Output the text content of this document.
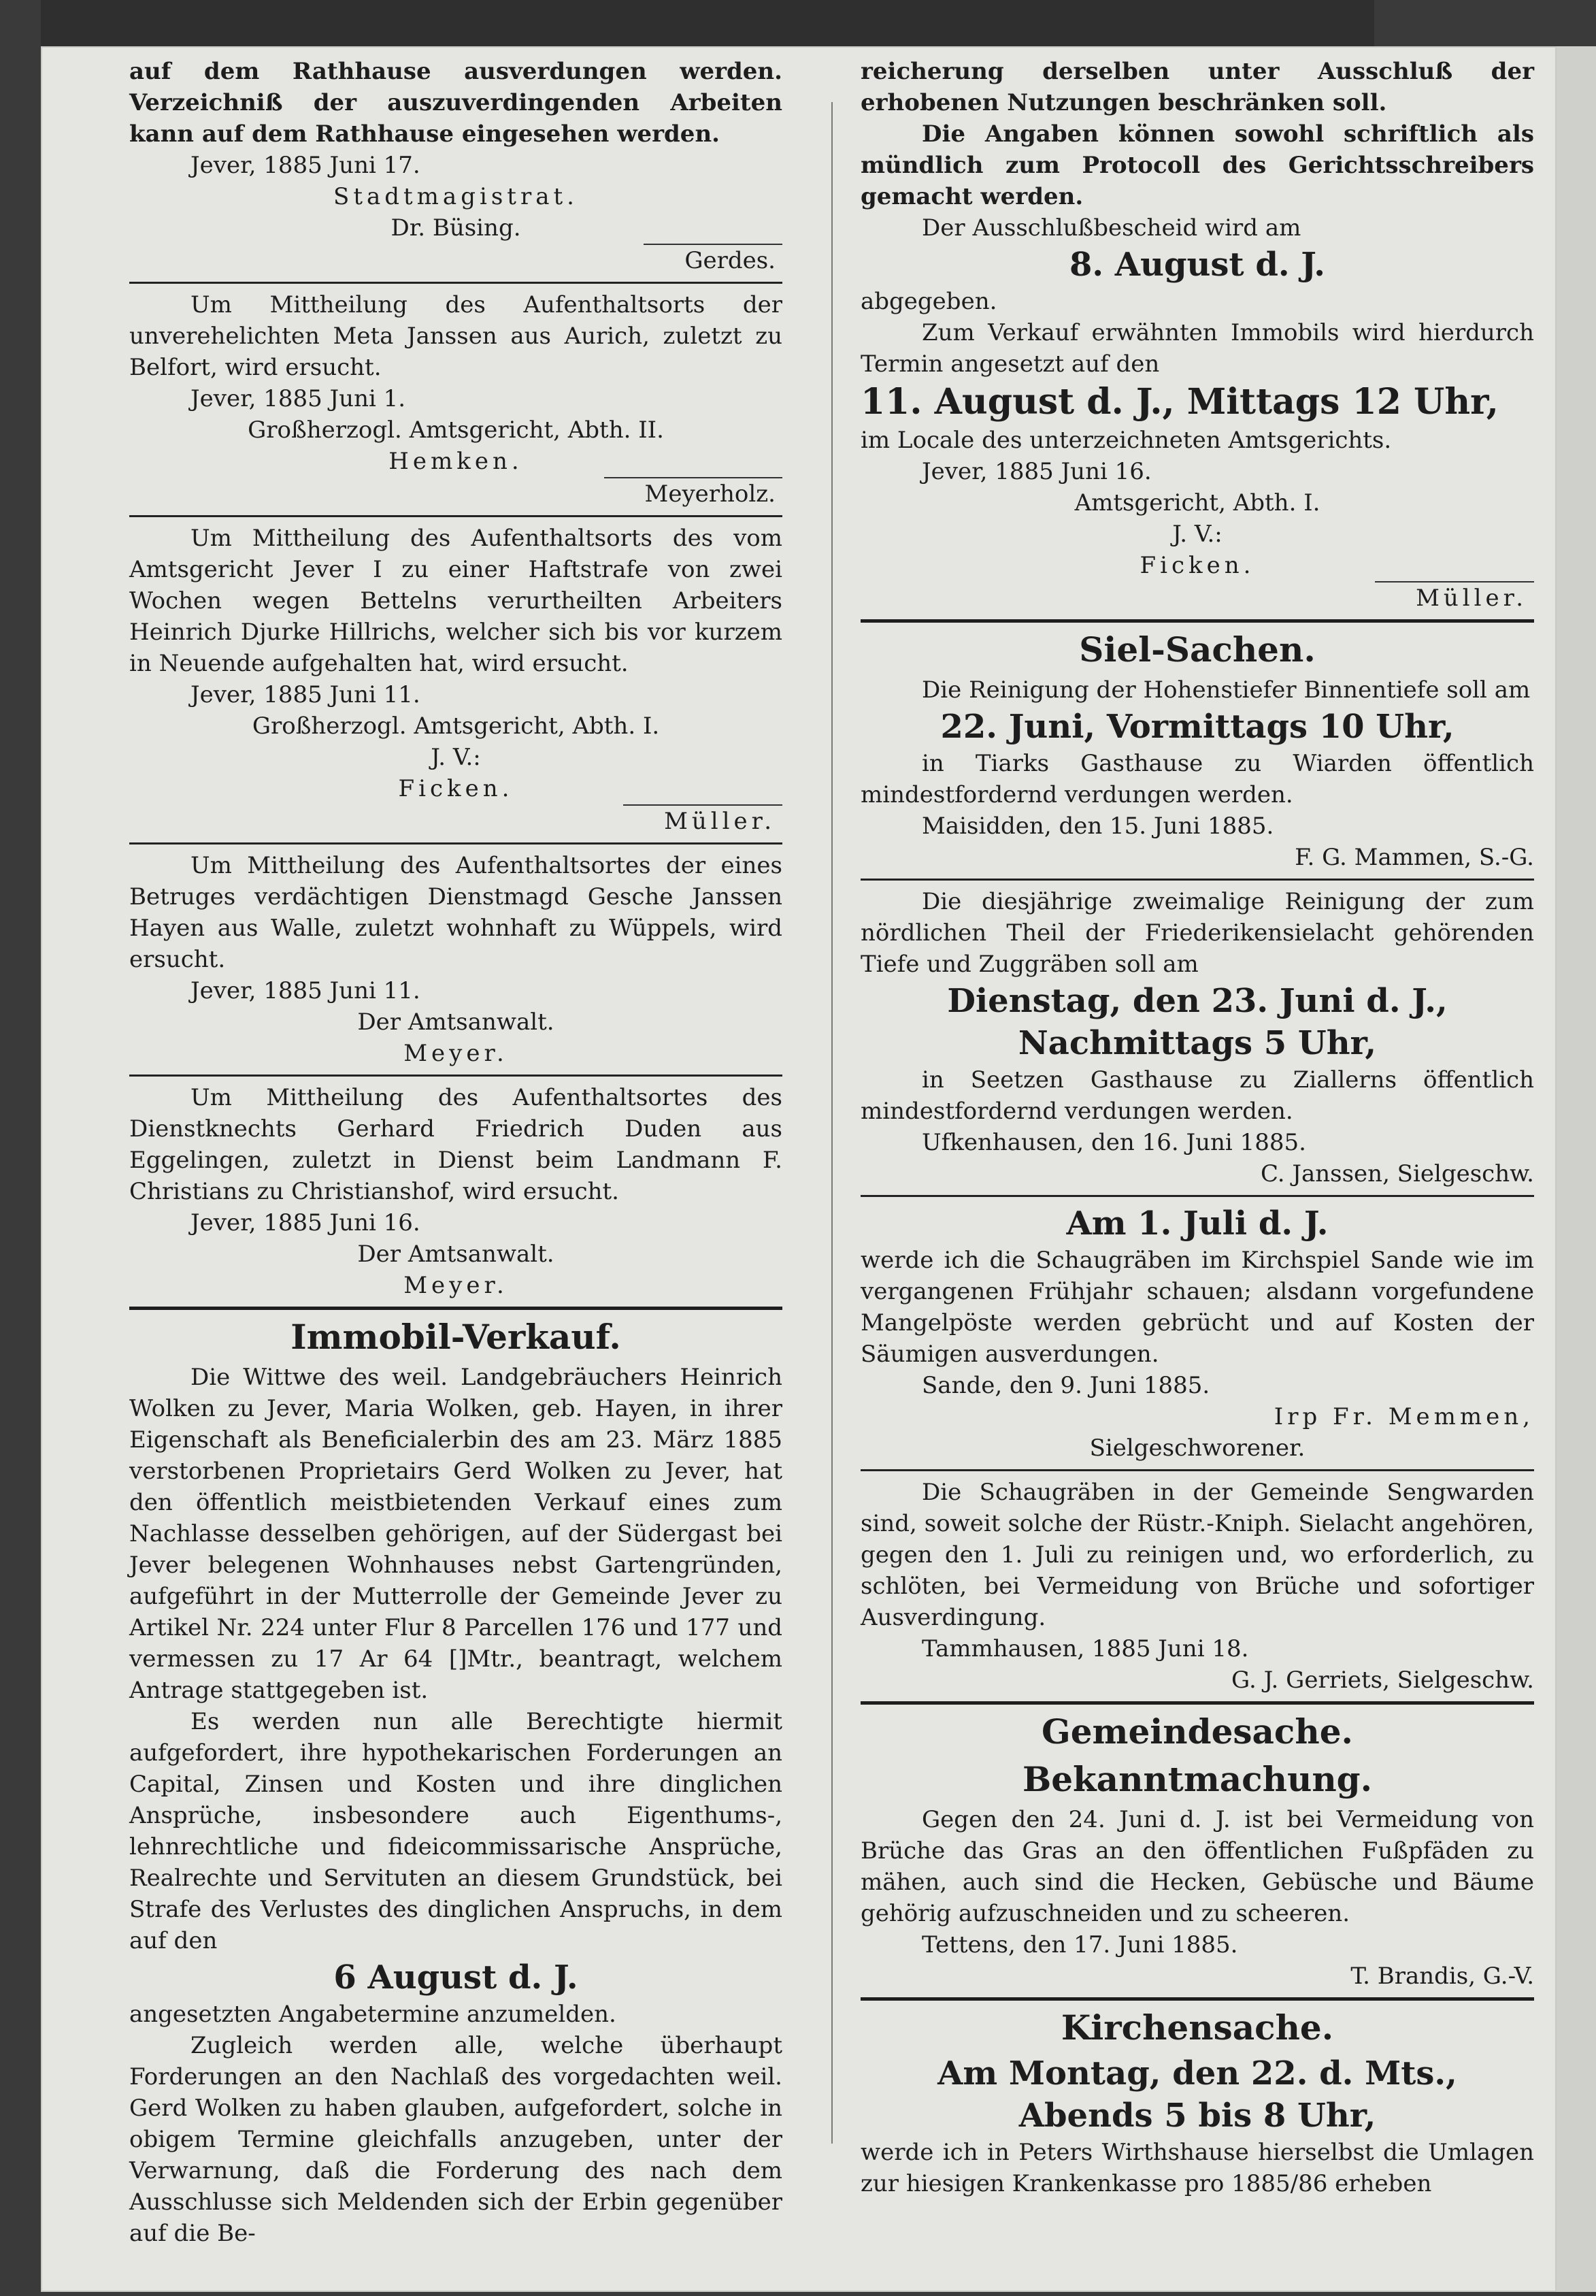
auf dem Rathhause ausverdungen werden. Verzeichniß der auszuverdingenden Arbeiten kann auf dem Rathhause eingesehen werden.

Jever, 1885 Juni 17.

Stadtmagistrat.

Dr. Büsing.

Gerdes.

Um Mittheilung des Aufenthaltsorts der unverehelichten Meta Janssen aus Aurich, zuletzt zu Belfort, wird ersucht.

Jever, 1885 Juni 1.

Großherzogl. Amtsgericht, Abth. II.

Hemken.

Meyerholz.

Um Mittheilung des Aufenthaltsorts des vom Amtsgericht Jever I zu einer Haftstrafe von zwei Wochen wegen Bettelns verurtheilten Arbeiters Heinrich Djurke Hillrichs, welcher sich bis vor kurzem in Neuende aufgehalten hat, wird ersucht.

Jever, 1885 Juni 11.

Großherzogl. Amtsgericht, Abth. I.

J. V.:

Ficken.

Müller.

Um Mittheilung des Aufenthaltsortes der eines Betruges verdächtigen Dienstmagd Gesche Janssen Hayen aus Walle, zuletzt wohnhaft zu Wüppels, wird ersucht.

Jever, 1885 Juni 11.

Der Amtsanwalt.

Meyer.

Um Mittheilung des Aufenthaltsortes des Dienstknechts Gerhard Friedrich Duden aus Eggelingen, zuletzt in Dienst beim Landmann F. Christians zu Christianshof, wird ersucht.

Jever, 1885 Juni 16.

Der Amtsanwalt.

Meyer.

Immobil-Verkauf.

Die Wittwe des weil. Landgebräuchers Heinrich Wolken zu Jever, Maria Wolken, geb. Hayen, in ihrer Eigenschaft als Beneficialerbin des am 23. März 1885 verstorbenen Proprietairs Gerd Wolken zu Jever, hat den öffentlich meistbietenden Verkauf eines zum Nachlasse desselben gehörigen, auf der Südergast bei Jever belegenen Wohnhauses nebst Gartengründen, aufgeführt in der Mutterrolle der Gemeinde Jever zu Artikel Nr. 224 unter Flur 8 Parcellen 176 und 177 und vermessen zu 17 Ar 64 []Mtr., beantragt, welchem Antrage stattgegeben ist.

Es werden nun alle Berechtigte hiermit aufgefordert, ihre hypothekarischen Forderungen an Capital, Zinsen und Kosten und ihre dinglichen Ansprüche, insbesondere auch Eigenthums-, lehnrechtliche und fideicommissarische Ansprüche, Realrechte und Servituten an diesem Grundstück, bei Strafe des Verlustes des dinglichen Anspruchs, in dem auf den

6 August d. J.

angesetzten Angabetermine anzumelden.

Zugleich werden alle, welche überhaupt Forderungen an den Nachlaß des vorgedachten weil. Gerd Wolken zu haben glauben, aufgefordert, solche in obigem Termine gleichfalls anzugeben, unter der Verwarnung, daß die Forderung des nach dem Ausschlusse sich Meldenden sich der Erbin gegenüber auf die Be-

reicherung derselben unter Ausschluß der erhobenen Nutzungen beschränken soll.

Die Angaben können sowohl schriftlich als mündlich zum Protocoll des Gerichtsschreibers gemacht werden.

Der Ausschlußbescheid wird am

8. August d. J.

abgegeben.

Zum Verkauf erwähnten Immobils wird hierdurch Termin angesetzt auf den

11. August d. J., Mittags 12 Uhr,

im Locale des unterzeichneten Amtsgerichts.

Jever, 1885 Juni 16.

Amtsgericht, Abth. I.

J. V.:

Ficken.

Müller.

Siel-Sachen.

Die Reinigung der Hohenstiefer Binnentiefe soll am

22. Juni, Vormittags 10 Uhr,

in Tiarks Gasthause zu Wiarden öffentlich mindestfordernd verdungen werden.

Maisidden, den 15. Juni 1885.

F. G. Mammen, S.-G.

Die diesjährige zweimalige Reinigung der zum nördlichen Theil der Friederikensielacht gehörenden Tiefe und Zuggräben soll am

Dienstag, den 23. Juni d. J.,

Nachmittags 5 Uhr,

in Seetzen Gasthause zu Ziallerns öffentlich mindestfordernd verdungen werden.

Ufkenhausen, den 16. Juni 1885.

C. Janssen, Sielgeschw.

Am 1. Juli d. J.

werde ich die Schaugräben im Kirchspiel Sande wie im vergangenen Frühjahr schauen; alsdann vorgefundene Mangelpöste werden gebrücht und auf Kosten der Säumigen ausverdungen.

Sande, den 9. Juni 1885.

Irp Fr. Memmen,

Sielgeschworener.

Die Schaugräben in der Gemeinde Sengwarden sind, soweit solche der Rüstr.-Kniph. Sielacht angehören, gegen den 1. Juli zu reinigen und, wo erforderlich, zu schlöten, bei Vermeidung von Brüche und sofortiger Ausverdingung.

Tammhausen, 1885 Juni 18.

G. J. Gerriets, Sielgeschw.

Gemeindesache.

Bekanntmachung.

Gegen den 24. Juni d. J. ist bei Vermeidung von Brüche das Gras an den öffentlichen Fußpfäden zu mähen, auch sind die Hecken, Gebüsche und Bäume gehörig aufzuschneiden und zu scheeren.

Tettens, den 17. Juni 1885.

T. Brandis, G.-V.

Kirchensache.

Am Montag, den 22. d. Mts.,

Abends 5 bis 8 Uhr,

werde ich in Peters Wirthshause hierselbst die Umlagen zur hiesigen Krankenkasse pro 1885/86 erheben
